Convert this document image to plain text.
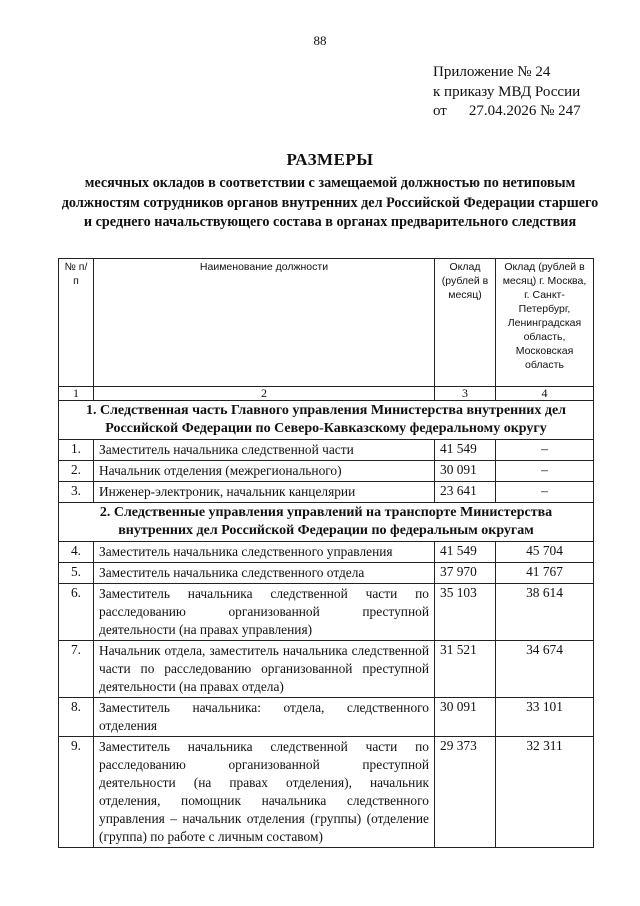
88
Приложение № 24
к приказу МВД России
от 27.04.2026 № 247
РАЗМЕРЫ
месячных окладов в соответствии с замещаемой должностью по нетиповым должностям сотрудников органов внутренних дел Российской Федерации старшего и среднего начальствующего состава в органах предварительного следствия
№ п/п	Наименование должности	Оклад (рублей в месяц)	Оклад (рублей в месяц) г. Москва, г. Санкт-Петербург, Ленинградская область, Московская область
1	2	3	4
1. Следственная часть Главного управления Министерства внутренних дел Российской Федерации по Северо-Кавказскому федеральному округу			
1.	Заместитель начальника следственной части	41 549	–
2.	Начальник отделения (межрегионального)	30 091	–
3.	Инженер-электроник, начальник канцелярии	23 641	–
2. Следственные управления управлений на транспорте Министерства внутренних дел Российской Федерации по федеральным округам			
4.	Заместитель начальника следственного управления	41 549	45 704
5.	Заместитель начальника следственного отдела	37 970	41 767
6.	Заместитель начальника следственной части по расследованию организованной преступной деятельности (на правах управления)	35 103	38 614
7.	Начальник отдела, заместитель начальника следственной части по расследованию организованной преступной деятельности (на правах отдела)	31 521	34 674
8.	Заместитель начальника: отдела, следственного отделения	30 091	33 101
9.	Заместитель начальника следственной части по расследованию организованной преступной деятельности (на правах отделения), начальник отделения, помощник начальника следственного управления – начальник отделения (группы) (отделение (группа) по работе с личным составом)	29 373	32 311
